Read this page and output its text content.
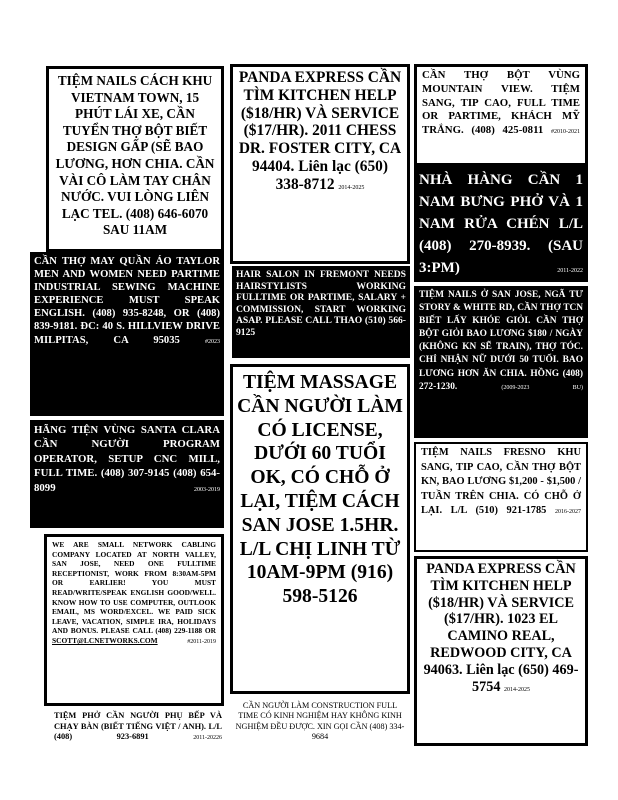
TIỆM NAILS CÁCH KHU VIETNAM TOWN, 15 PHÚT LÁI XE, CẦN TUYỂN THỢ BỘT BIẾT DESIGN GẤP (SẼ BAO LƯƠNG, HƠN CHIA. CẦN VÀI CÔ LÀM TAY CHÂN NƯỚC. VUI LÒNG LIÊN LẠC TEL. (408) 646-6070 SAU 11AM
CẦN THỢ MAY QUẦN ÁO TAYLOR MEN AND WOMEN NEED PARTIME INDUSTRIAL SEWING MACHINE EXPERIENCE MUST SPEAK ENGLISH. (408) 935-8248, OR (408) 839-9181. ĐC: 40 S. HILLVIEW DRIVE MILPITAS, CA 95035	#2023
HÃNG TIỆN VÙNG SANTA CLARA CẦN NGƯỜI PROGRAM OPERATOR, SETUP CNC MILL, FULL TIME. (408) 307-9145 (408) 654-8099	2003-2019
WE ARE SMALL NETWORK CABLING COMPANY LOCATED AT NORTH VALLEY, SAN JOSE, NEED ONE FULLTIME RECEPTIONIST, WORK FROM 8:30AM-5PM OR EARLIER! YOU MUST READ/WRITE/SPEAK ENGLISH GOOD/WELL. KNOW HOW TO USE COMPUTER, OUTLOOK EMAIL, MS WORD/EXCEL. WE PAID SICK LEAVE, VACATION, SIMPLE IRA, HOLIDAYS AND BONUS. PLEASE CALL (408) 229-1188 OR SCOTT@LCNETWORKS.COM	#2011-2019
TIỆM PHỞ CẦN NGƯỜI PHỤ BẾP VÀ CHẠY BÀN (BIẾT TIẾNG VIỆT / ANH). L/L (408) 923-6891	2011-20226
PANDA EXPRESS CẦN TÌM KITCHEN HELP ($18/HR) VÀ SERVICE ($17/HR). 2011 CHESS DR. FOSTER CITY, CA 94404. Liên lạc (650) 338-8712 2014-2025
HAIR SALON IN FREMONT NEEDS HAIRSTYLISTS WORKING FULLTIME OR PARTIME, SALARY + COMMISSION, START WORKING ASAP. PLEASE CALL THAO (510) 566-9125
TIỆM MASSAGE CẦN NGƯỜI LÀM CÓ LICENSE, DƯỚI 60 TUỔI OK, CÓ CHỖ Ở LẠI, TIỆM CÁCH SAN JOSE 1.5HR. L/L CHỊ LINH TỪ 10AM-9PM (916) 598-5126
CẦN NGƯỜI LÀM CONSTRUCTION FULL TIME CÓ KINH NGHIỆM HAY KHÔNG KINH NGHIỆM ĐỀU ĐƯỢC. XIN GỌI CẦN (408) 334-9684
CẦN THỢ BỘT VÙNG MOUNTAIN VIEW. TIỆM SANG, TIP CAO, FULL TIME OR PARTIME, KHÁCH MỸ TRẮNG. (408) 425-0811 #2010-2021
NHÀ HÀNG CẦN 1 NAM BƯNG PHỞ VÀ 1 NAM RỬA CHÉN L/L (408) 270-8939. (SAU 3:PM)	2011-2022
TIỆM NAILS Ở SAN JOSE, NGÃ TƯ STORY & WHITE RD, CẦN THỢ TCN BIẾT LẤY KHÓE GIỎI. CẦN THỢ BỘT GIỎI BAO LƯƠNG $180 / NGÀY (KHÔNG KN SẼ TRAIN), THỢ TÓC. CHỈ NHẬN NỮ DƯỚI 50 TUỔI. BAO LƯƠNG HƠN ĂN CHIA. HỒNG (408) 272-1230.	(2009-2023 BU)
TIỆM NAILS FRESNO KHU SANG, TIP CAO, CẦN THỢ BỘT KN, BAO LƯƠNG $1,200 - $1,500 / TUẦN TRÊN CHIA. CÓ CHỖ Ở LẠI. L/L (510) 921-1785 2016-2027
PANDA EXPRESS CẦN TÌM KITCHEN HELP ($18/HR) VÀ SERVICE ($17/HR). 1023 EL CAMINO REAL, REDWOOD CITY, CA 94063. Liên lạc (650) 469-5754 2014-2025
